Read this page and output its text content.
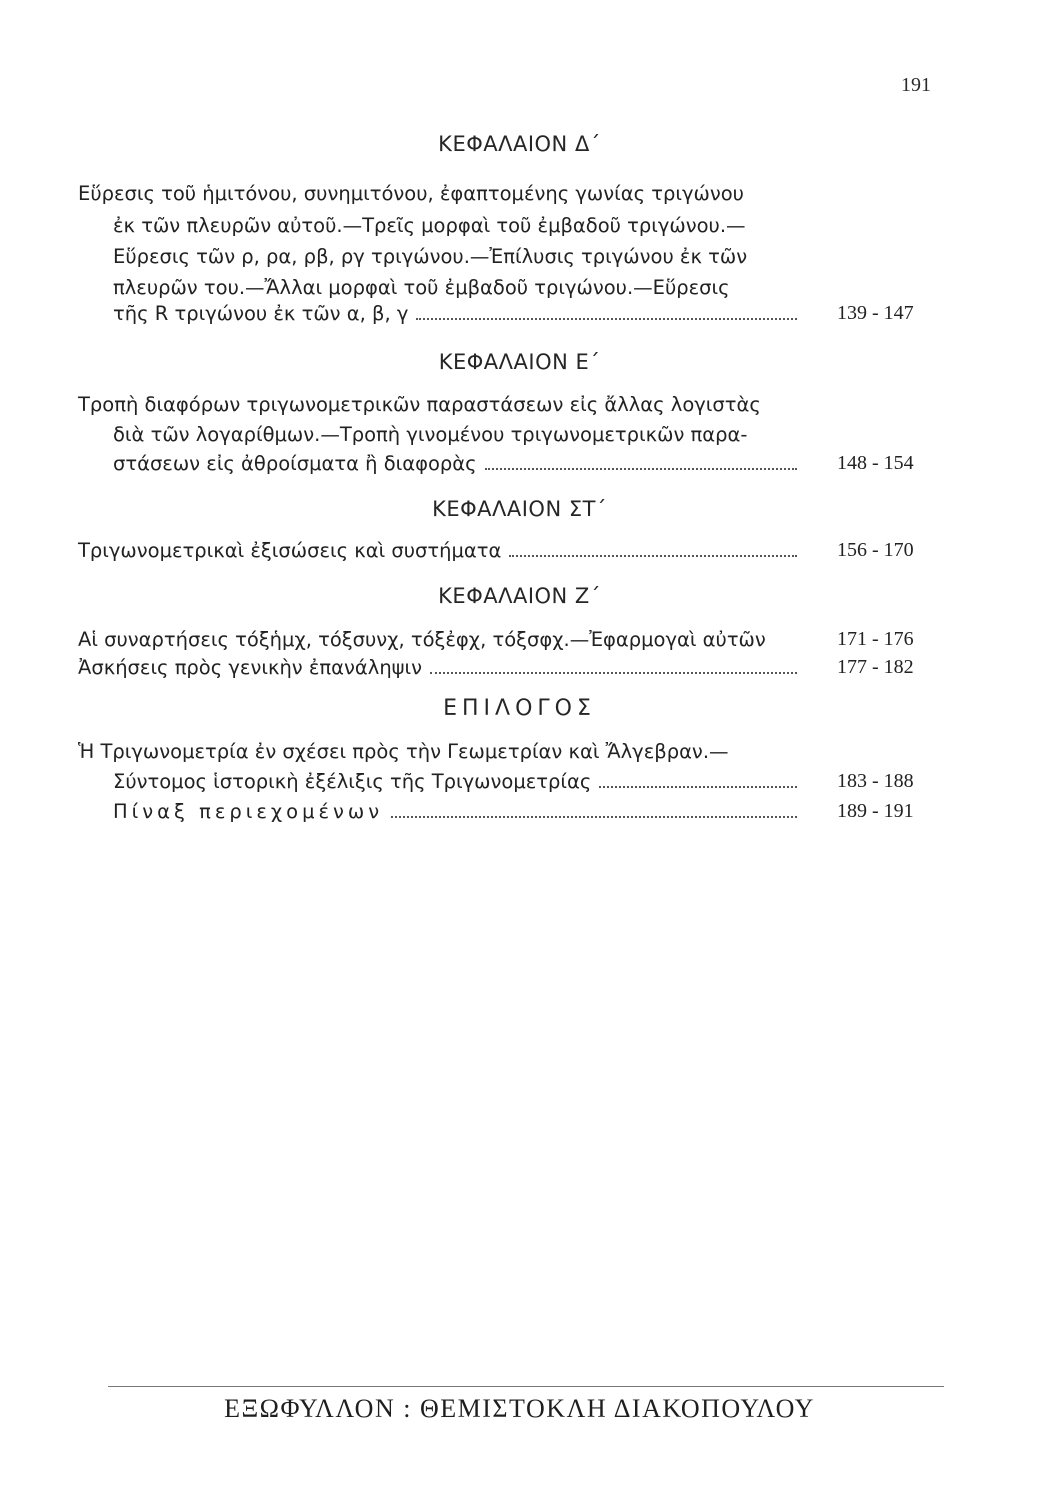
191
ΚΕΦΑΛΑΙΟΝ Δ΄
Εὕρεσις τοῦ ἡμιτόνου, συνημιτόνου, ἐφαπτομένης γωνίας τριγώνου
ἐκ τῶν πλευρῶν αὐτοῦ.—Τρεῖς μορφαὶ τοῦ ἐμβαδοῦ τριγώνου.—
Εὕρεσις τῶν ρ, ρα, ρβ, ργ τριγώνου.—Ἐπίλυσις τριγώνου ἐκ τῶν
πλευρῶν του.—Ἄλλαι μορφαὶ τοῦ ἐμβαδοῦ τριγώνου.—Εὕρεσις
τῆς R τριγώνου ἐκ τῶν α, β, γ	139 - 147
ΚΕΦΑΛΑΙΟΝ Ε΄
Τροπὴ διαφόρων τριγωνομετρικῶν παραστάσεων εἰς ἄλλας λογιστὰς
διὰ τῶν λογαρίθμων.—Τροπὴ γινομένου τριγωνομετρικῶν παρα-
στάσεων εἰς ἀθροίσματα ἢ διαφορὰς	148 - 154
ΚΕΦΑΛΑΙΟΝ ΣΤ΄
Τριγωνομετρικαὶ ἐξισώσεις καὶ συστήματα	156 - 170
ΚΕΦΑΛΑΙΟΝ Ζ΄
Αἱ συναρτήσεις τόξἡμχ, τόξσυνχ, τόξἐφχ, τόξσφχ.—Ἐφαρμογαὶ αὐτῶν	171 - 176
Ἀσκήσεις πρὸς γενικὴν ἐπανάληψιν	177 - 182
ΕΠΙΛΟΓΟΣ
Ἡ Τριγωνομετρία ἐν σχέσει πρὸς τὴν Γεωμετρίαν καὶ Ἄλγεβραν.—
Σύντομος ἱστορικὴ ἐξέλιξις τῆς Τριγωνομετρίας	183 - 188
Πίναξ περιεχομένων	189 - 191
ΕΞΩΦΥΛΛΟΝ : ΘΕΜΙΣΤΟΚΛΗ ΔΙΑΚΟΠΟΥΛΟΥ
